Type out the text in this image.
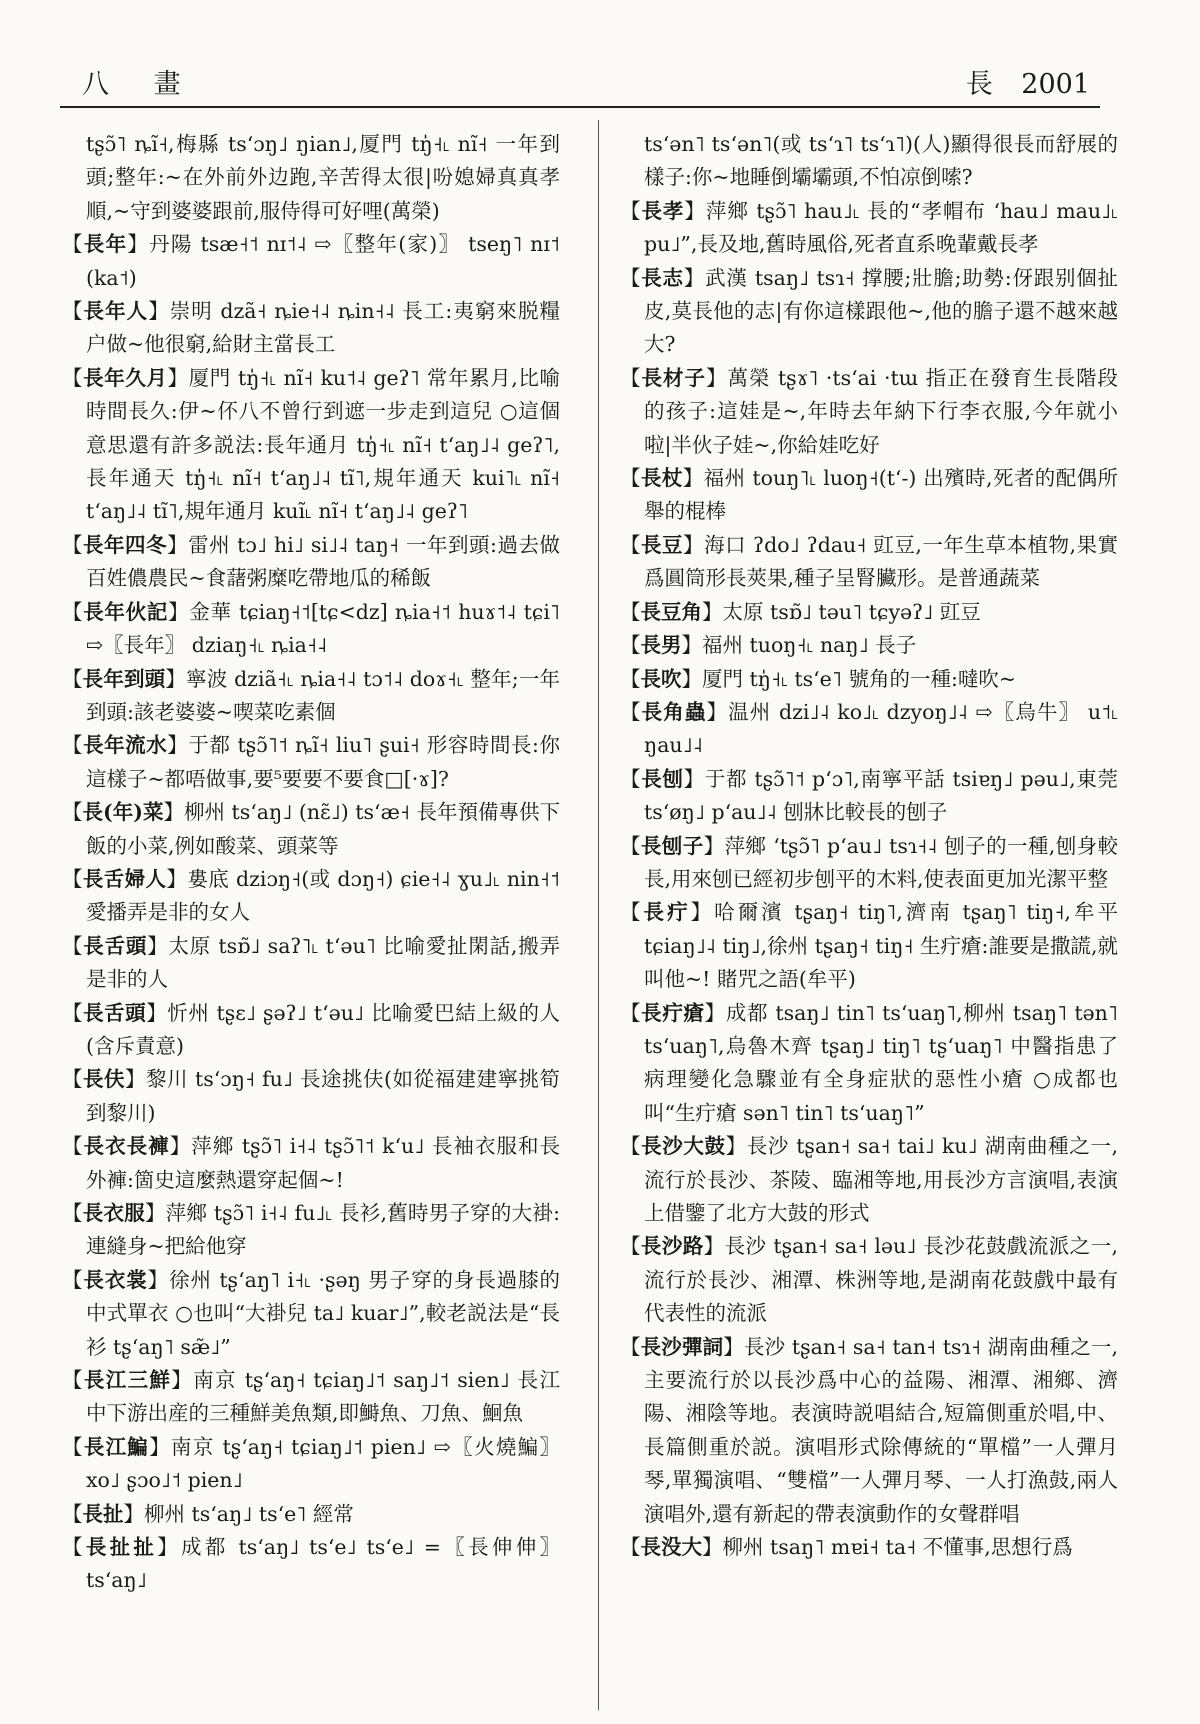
八 畫	長 2001

tʂɔ̃˥ ȵĩ˧,梅縣 tsʻɔŋ˩ ŋian˩,厦門 tŋ̍˧˪ nĩ˧ 一年到頭;整年:~在外前外边跑,辛苦得太很|吩媳婦真真孝順,~守到婆婆跟前,服侍得可好哩(萬榮)

【長年】丹陽 tsæ˧˦ nɪ˦˨ ⇨〖整年(家)〗 tseŋ˥ nɪ˦ (ka˦)

【長年人】崇明 dzã˧ ȵie˧˨ ȵin˧˨ 長工:夷窮來脱糧户做~他很窮,給財主當長工

【長年久月】厦門 tŋ̍˧˪ nĩ˧ ku˦˨ geʔ˥ 常年累月,比喻時間長久:伊~伓八不曾行到遮一步走到這兒 ○這個意思還有許多説法:長年通月 tŋ̍˧˪ nĩ˧ tʻaŋ˩˨ geʔ˥,長年通天 tŋ̍˧˪ nĩ˧ tʻaŋ˩˨ tĩ˥,規年通天 kui˥˪ nĩ˧ tʻaŋ˩˨ tĩ˥,規年通月 kuĩ˪ nĩ˧ tʻaŋ˩˨ geʔ˥

【長年四冬】雷州 tɔ˩ hi˩ si˩˨ taŋ˧ 一年到頭:過去做百姓儂農民~食藷粥糜吃帶地瓜的稀飯

【長年伙記】金華 tɕiaŋ˧˦[tɕ<dz] ȵia˧˦ huɤ˦˨ tɕi˥ ⇨〖長年〗 dziaŋ˧˪ ȵia˧˨

【長年到頭】寧波 dziã˧˪ ȵia˧˨ tɔ˦˨ doɤ˧˪ 整年;一年到頭:該老婆婆~喫菜吃素個

【長年流水】于都 tʂɔ̃˥˦ ȵĩ˧ liu˥ ʂui˧ 形容時間長:你這樣子~都唔做事,要⁵要要不要食□[·ɤ]?

【長(年)菜】柳州 tsʻaŋ˩ (nɛ̃˩) tsʻæ˧ 長年預備專供下飯的小菜,例如酸菜、頭菜等

【長舌婦人】婁底 dziɔŋ˧(或 dɔŋ˧) ɕie˧˨ ɣu˩˪ nin˧˦ 愛播弄是非的女人

【長舌頭】太原 tsɒ̃˩ saʔ˥˪ tʻəu˥ 比喻愛扯閑話,搬弄是非的人

【長舌頭】忻州 tʂɛ˩ ʂəʔ˩ tʻəu˩ 比喻愛巴結上級的人(含斥責意)

【長伕】黎川 tsʻɔŋ˧ fu˩ 長途挑伕(如從福建建寧挑筍到黎川)

【長衣長褲】萍鄉 tʂɔ̃˥ i˧˨ tʂɔ̃˥˦ kʻu˩ 長袖衣服和長外褲:箇史這麼熱還穿起個~!

【長衣服】萍鄉 tʂɔ̃˥ i˧˨ fu˩˪ 長衫,舊時男子穿的大褂:連縫身~把給他穿

【長衣裳】徐州 tʂʻaŋ˥ i˧˪ ·ʂəŋ 男子穿的身長過膝的中式單衣 ○也叫“大褂兒 ta˩ kuar˩”,較老説法是“長衫 tʂʻaŋ˥ sæ̃˩”

【長江三鮮】南京 tʂʻaŋ˧ tɕiaŋ˩˦ saŋ˩˦ sien˩ 長江中下游出産的三種鮮美魚類,即鰣魚、刀魚、鮰魚

【長江鯿】南京 tʂʻaŋ˧ tɕiaŋ˩˦ pien˩ ⇨〖火燒鯿〗 xo˩ ʂɔo˩˦ pien˩

【長扯】柳州 tsʻaŋ˩ tsʻe˥ 經常

【長扯扯】成都 tsʻaŋ˩ tsʻe˩ tsʻe˩ =〖長伸伸〗 tsʻaŋ˩

tsʻən˥ tsʻən˥(或 tsʻɿ˥ tsʻɿ˥)(人)顯得很長而舒展的樣子:你~地睡倒壩壩頭,不怕凉倒嗦?

【長孝】萍鄉 tʂɔ̃˥ hau˩˪ 長的“孝帽布 ʻhau˩ mau˩˪ pu˩”,長及地,舊時風俗,死者直系晚輩戴長孝

【長志】武漢 tsaŋ˩ tsɿ˧ 撑腰;壯膽;助勢:伢跟别個扯皮,莫長他的志|有你這樣跟他~,他的膽子還不越來越大?

【長材子】萬榮 tʂɤ˥ ·tsʻai ·tɯ 指正在發育生長階段的孩子:這娃是~,年時去年納下行李衣服,今年就小啦|半伙子娃~,你給娃吃好

【長杖】福州 touŋ˥˪ luoŋ˧(tʻ-) 出殯時,死者的配偶所舉的棍棒

【長豆】海口 ʔdo˩ ʔdau˧ 豇豆,一年生草本植物,果實爲圓筒形長莢果,種子呈腎臟形。是普通蔬菜

【長豆角】太原 tsɒ̃˩ təu˥ tɕyəʔ˩ 豇豆

【長男】福州 tuoŋ˧˪ naŋ˩ 長子

【長吹】厦門 tŋ̍˧˪ tsʻe˥ 號角的一種:噠吹~

【長角蟲】温州 dzi˩˨ ko˩˪ dzyoŋ˩˨ ⇨〖烏牛〗 u˦˪ ŋau˩˨

【長刨】于都 tʂɔ̃˥˦ pʻɔ˥,南寧平話 tsiɐŋ˩ pəu˩,東莞 tsʻøŋ˩ pʻau˩˨ 刨牀比較長的刨子

【長刨子】萍鄉 ʻtʂɔ̃˥ pʻau˩ tsɿ˧˨ 刨子的一種,刨身較長,用來刨已經初步刨平的木料,使表面更加光潔平整

【長疔】哈爾濱 tʂaŋ˧ tiŋ˥,濟南 tʂaŋ˥ tiŋ˧,牟平 tɕiaŋ˩˨ tiŋ˩,徐州 tʂaŋ˧ tiŋ˧ 生疔瘡:誰要是撒謊,就叫他~! 賭咒之語(牟平)

【長疔瘡】成都 tsaŋ˩ tin˥ tsʻuaŋ˥,柳州 tsaŋ˥ tən˥ tsʻuaŋ˥,烏魯木齊 tʂaŋ˩ tiŋ˥ tʂʻuaŋ˥ 中醫指患了病理變化急驟並有全身症狀的惡性小瘡 ○成都也叫“生疔瘡 sən˥ tin˥ tsʻuaŋ˥”

【長沙大鼓】長沙 tʂan˧ sa˧ tai˩ ku˩ 湖南曲種之一,流行於長沙、茶陵、臨湘等地,用長沙方言演唱,表演上借鑒了北方大鼓的形式

【長沙路】長沙 tʂan˧ sa˧ ləu˩ 長沙花鼓戲流派之一,流行於長沙、湘潭、株洲等地,是湖南花鼓戲中最有代表性的流派

【長沙彈詞】長沙 tʂan˧ sa˧ tan˧ tsɿ˧ 湖南曲種之一,主要流行於以長沙爲中心的益陽、湘潭、湘鄉、濟陽、湘陰等地。表演時説唱結合,短篇側重於唱,中、長篇側重於説。演唱形式除傳統的“單檔”一人彈月琴,單獨演唱、“雙檔”一人彈月琴、一人打漁鼓,兩人演唱外,還有新起的帶表演動作的女聲群唱

【長没大】柳州 tsaŋ˥ mɐi˧ ta˧ 不懂事,思想行爲
